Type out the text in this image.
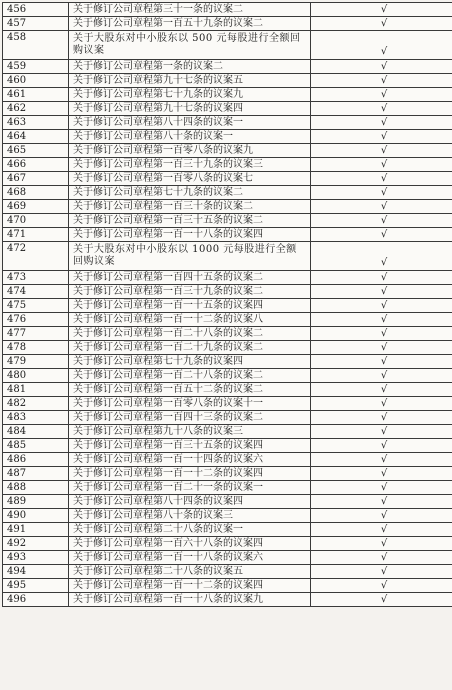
456	关于修订公司章程第三十一条的议案二	√	
457	关于修订公司章程第一百五十九条的议案二	√	
458	关于大股东对中小股东以 500 元每股进行全额回购议案	√	
459	关于修订公司章程第一条的议案二	√	
460	关于修订公司章程第九十七条的议案五	√	
461	关于修订公司章程第七十九条的议案九	√	
462	关于修订公司章程第九十七条的议案四	√	
463	关于修订公司章程第八十四条的议案一	√	
464	关于修订公司章程第八十条的议案一	√	
465	关于修订公司章程第一百零八条的议案九	√	
466	关于修订公司章程第一百三十九条的议案三	√	
467	关于修订公司章程第一百零八条的议案七	√	
468	关于修订公司章程第七十九条的议案二	√	
469	关于修订公司章程第一百三十条的议案二	√	
470	关于修订公司章程第一百三十五条的议案二	√	
471	关于修订公司章程第一百一十八条的议案四	√	
472	关于大股东对中小股东以 1000 元每股进行全额回购议案	√	
473	关于修订公司章程第一百四十五条的议案二	√	
474	关于修订公司章程第一百三十九条的议案二	√	
475	关于修订公司章程第一百一十五条的议案四	√	
476	关于修订公司章程第一百一十二条的议案八	√	
477	关于修订公司章程第一百二十八条的议案二	√	
478	关于修订公司章程第一百二十九条的议案二	√	
479	关于修订公司章程第七十九条的议案四	√	
480	关于修订公司章程第一百二十八条的议案二	√	
481	关于修订公司章程第一百五十二条的议案二	√	
482	关于修订公司章程第一百零八条的议案十一	√	
483	关于修订公司章程第一百四十三条的议案二	√	
484	关于修订公司章程第九十八条的议案三	√	
485	关于修订公司章程第一百三十五条的议案四	√	
486	关于修订公司章程第一百一十四条的议案六	√	
487	关于修订公司章程第一百一十二条的议案四	√	
488	关于修订公司章程第一百二十一条的议案一	√	
489	关于修订公司章程第八十四条的议案四	√	
490	关于修订公司章程第八十条的议案三	√	
491	关于修订公司章程第二十八条的议案一	√	
492	关于修订公司章程第一百六十八条的议案四	√	
493	关于修订公司章程第一百一十八条的议案六	√	
494	关于修订公司章程第二十八条的议案五	√	
495	关于修订公司章程第一百一十二条的议案四	√	
496	关于修订公司章程第一百一十八条的议案九	√	
